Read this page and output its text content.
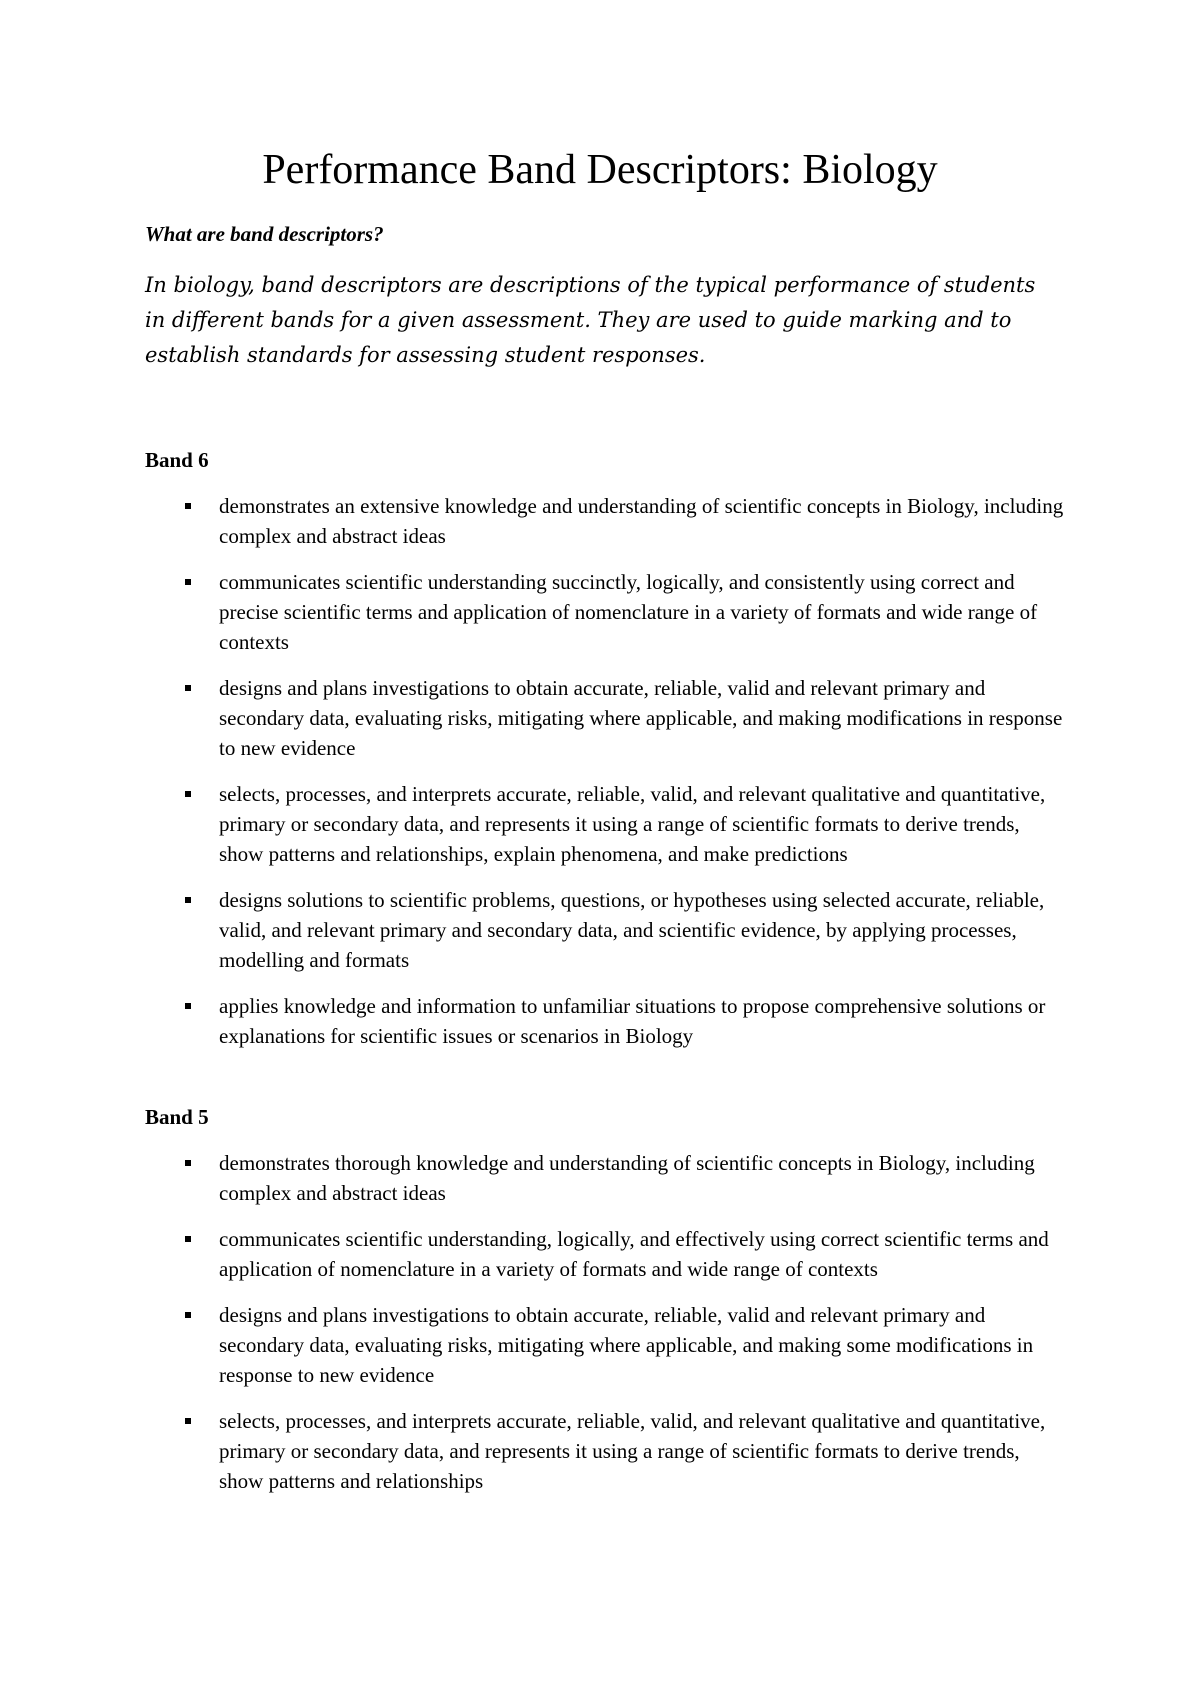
Performance Band Descriptors: Biology
What are band descriptors?

In biology, band descriptors are descriptions of the typical performance of students in different bands for a given assessment. They are used to guide marking and to establish standards for assessing student responses.

Band 6
demonstrates an extensive knowledge and understanding of scientific concepts in Biology, including complex and abstract ideas
communicates scientific understanding succinctly, logically, and consistently using correct and precise scientific terms and application of nomenclature in a variety of formats and wide range of contexts
designs and plans investigations to obtain accurate, reliable, valid and relevant primary and secondary data, evaluating risks, mitigating where applicable, and making modifications in response to new evidence
selects, processes, and interprets accurate, reliable, valid, and relevant qualitative and quantitative, primary or secondary data, and represents it using a range of scientific formats to derive trends, show patterns and relationships, explain phenomena, and make predictions
designs solutions to scientific problems, questions, or hypotheses using selected accurate, reliable, valid, and relevant primary and secondary data, and scientific evidence, by applying processes, modelling and formats
applies knowledge and information to unfamiliar situations to propose comprehensive solutions or explanations for scientific issues or scenarios in Biology
Band 5
demonstrates thorough knowledge and understanding of scientific concepts in Biology, including complex and abstract ideas
communicates scientific understanding, logically, and effectively using correct scientific terms and application of nomenclature in a variety of formats and wide range of contexts
designs and plans investigations to obtain accurate, reliable, valid and relevant primary and secondary data, evaluating risks, mitigating where applicable, and making some modifications in response to new evidence
selects, processes, and interprets accurate, reliable, valid, and relevant qualitative and quantitative, primary or secondary data, and represents it using a range of scientific formats to derive trends, show patterns and relationships
